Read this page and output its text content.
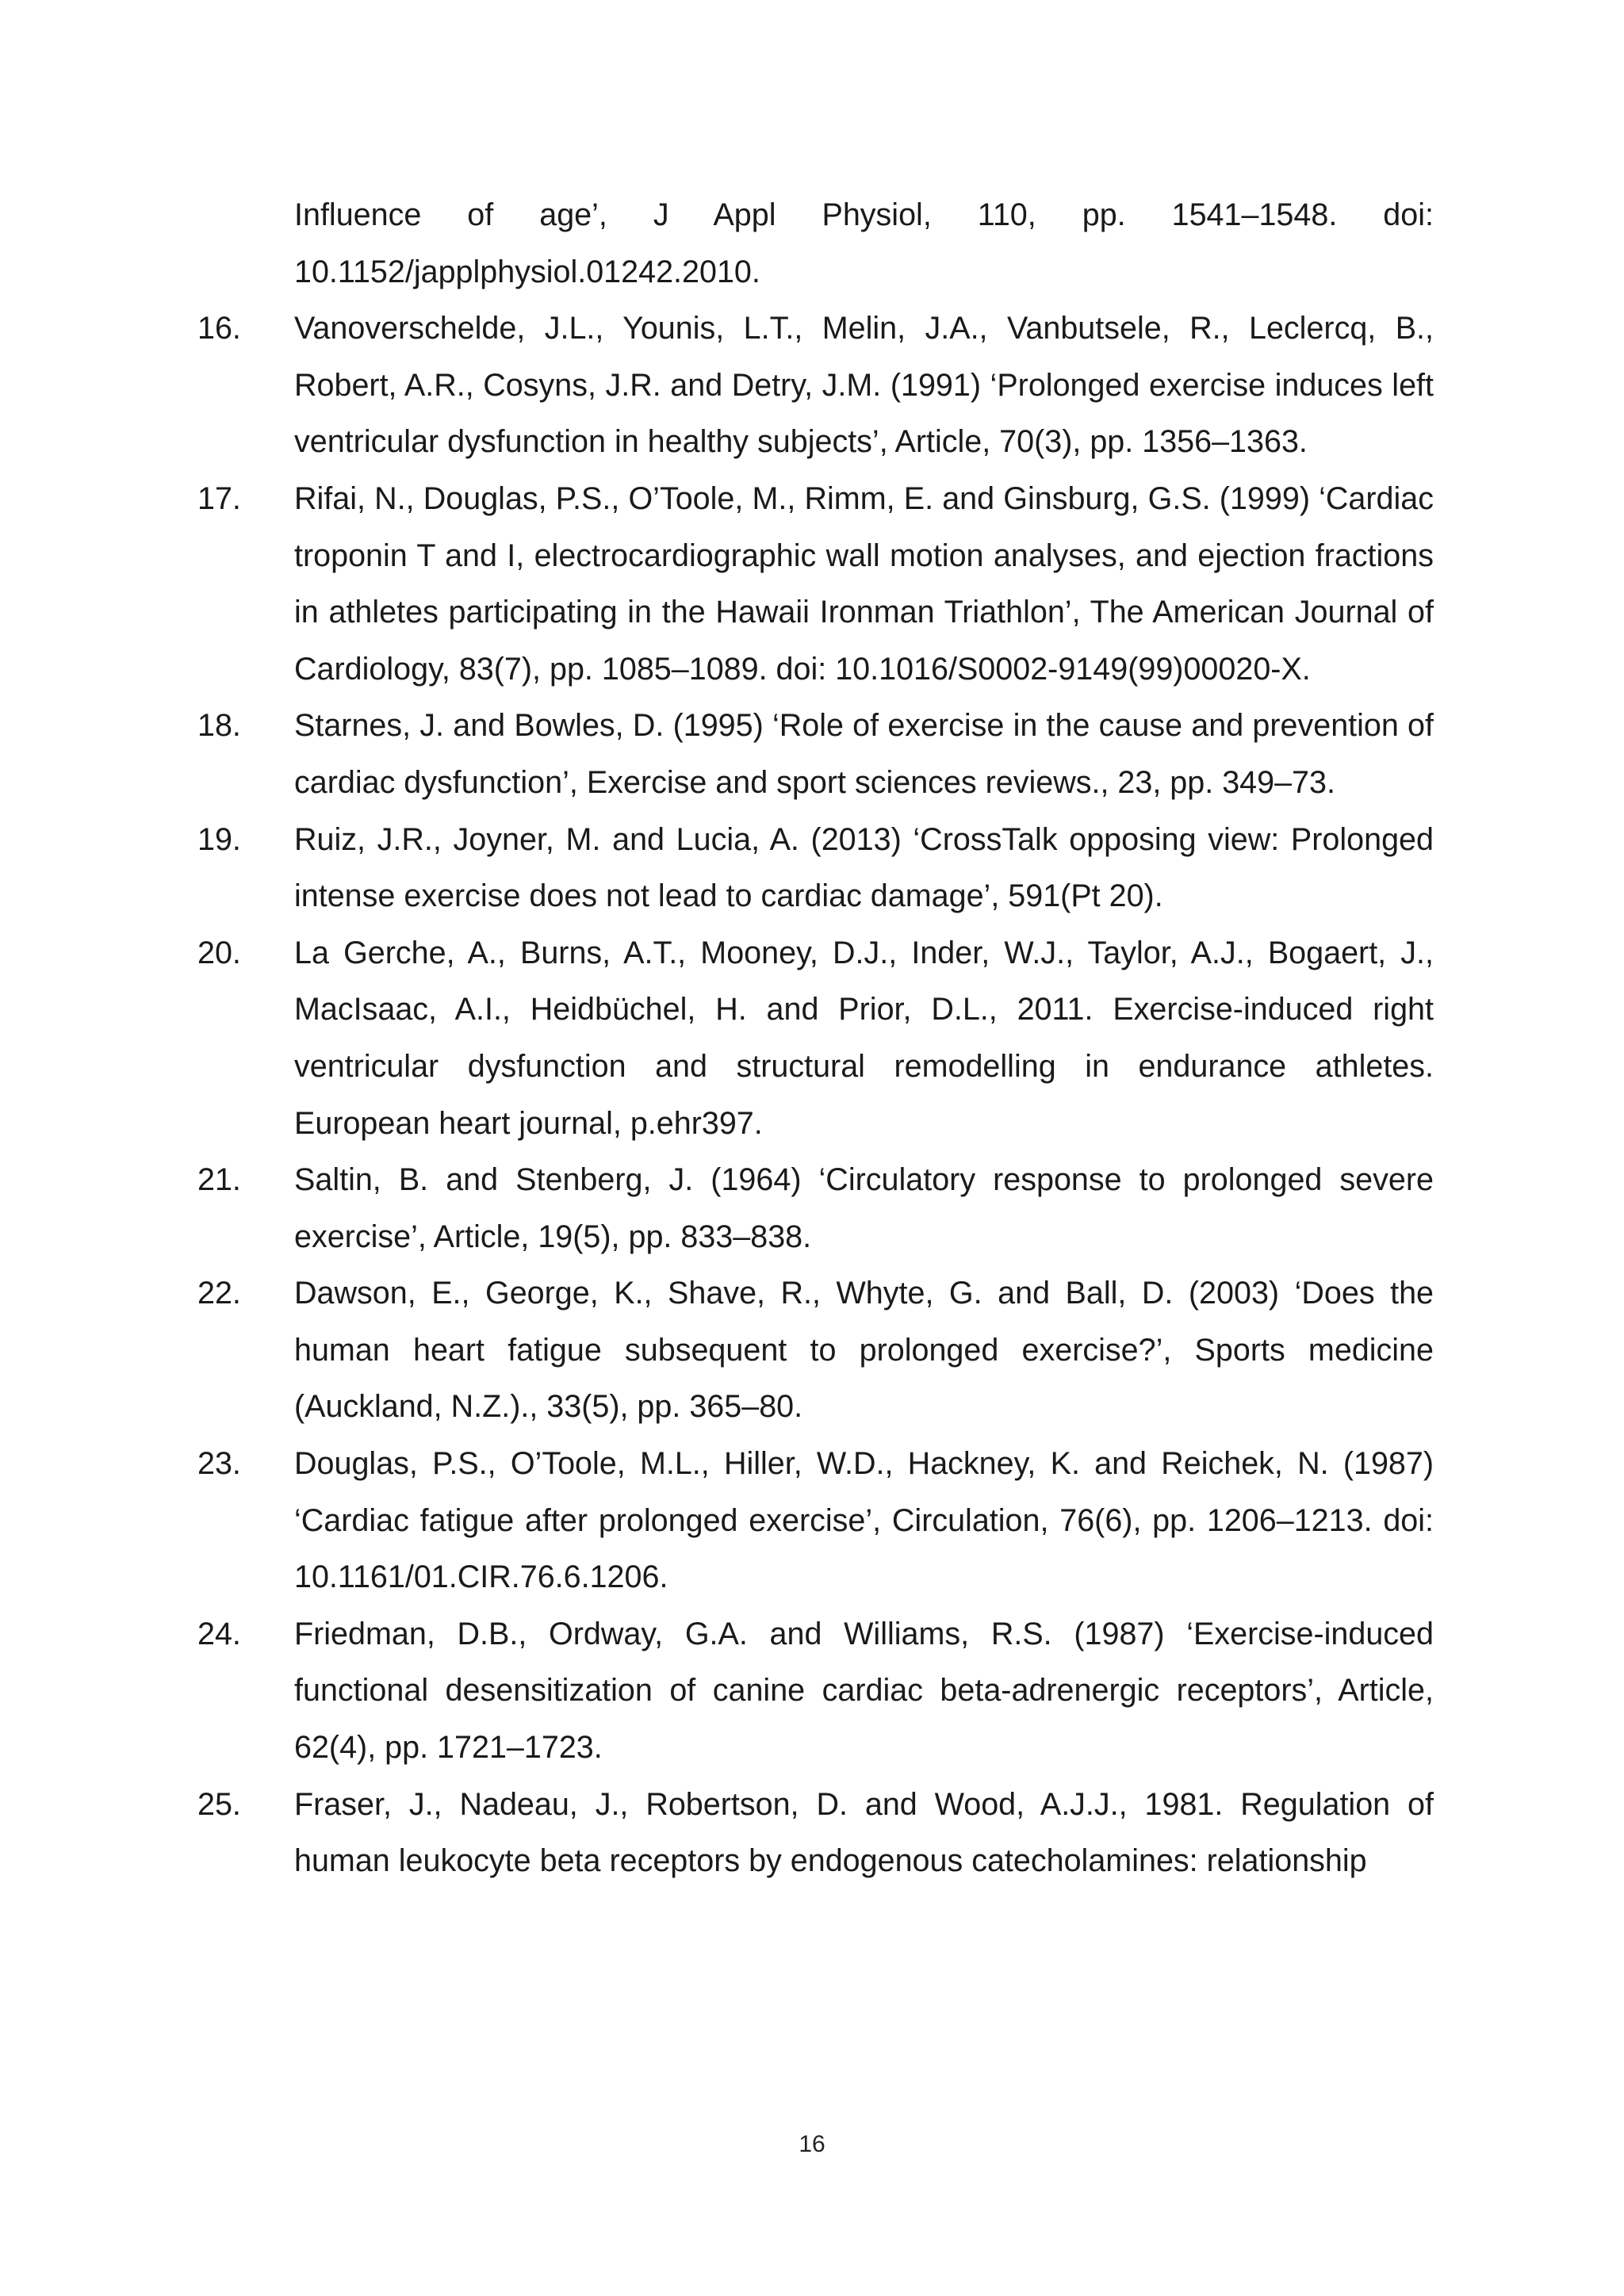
Influence of age’, J Appl Physiol, 110, pp. 1541–1548. doi: 10.1152/japplphysiol.01242.2010.
16. Vanoverschelde, J.L., Younis, L.T., Melin, J.A., Vanbutsele, R., Leclercq, B., Robert, A.R., Cosyns, J.R. and Detry, J.M. (1991) ‘Prolonged exercise induces left ventricular dysfunction in healthy subjects’, Article, 70(3), pp. 1356–1363.
17. Rifai, N., Douglas, P.S., O’Toole, M., Rimm, E. and Ginsburg, G.S. (1999) ‘Cardiac troponin T and I, electrocardiographic wall motion analyses, and ejection fractions in athletes participating in the Hawaii Ironman Triathlon’, The American Journal of Cardiology, 83(7), pp. 1085–1089. doi: 10.1016/S0002-9149(99)00020-X.
18. Starnes, J. and Bowles, D. (1995) ‘Role of exercise in the cause and prevention of cardiac dysfunction’, Exercise and sport sciences reviews., 23, pp. 349–73.
19. Ruiz, J.R., Joyner, M. and Lucia, A. (2013) ‘CrossTalk opposing view: Prolonged intense exercise does not lead to cardiac damage’, 591(Pt 20).
20. La Gerche, A., Burns, A.T., Mooney, D.J., Inder, W.J., Taylor, A.J., Bogaert, J., MacIsaac, A.I., Heidbüchel, H. and Prior, D.L., 2011. Exercise-induced right ventricular dysfunction and structural remodelling in endurance athletes. European heart journal, p.ehr397.
21. Saltin, B. and Stenberg, J. (1964) ‘Circulatory response to prolonged severe exercise’, Article, 19(5), pp. 833–838.
22. Dawson, E., George, K., Shave, R., Whyte, G. and Ball, D. (2003) ‘Does the human heart fatigue subsequent to prolonged exercise?’, Sports medicine (Auckland, N.Z.)., 33(5), pp. 365–80.
23. Douglas, P.S., O’Toole, M.L., Hiller, W.D., Hackney, K. and Reichek, N. (1987) ‘Cardiac fatigue after prolonged exercise’, Circulation, 76(6), pp. 1206–1213. doi: 10.1161/01.CIR.76.6.1206.
24. Friedman, D.B., Ordway, G.A. and Williams, R.S. (1987) ‘Exercise-induced functional desensitization of canine cardiac beta-adrenergic receptors’, Article, 62(4), pp. 1721–1723.
25. Fraser, J., Nadeau, J., Robertson, D. and Wood, A.J.J., 1981. Regulation of human leukocyte beta receptors by endogenous catecholamines: relationship
16
